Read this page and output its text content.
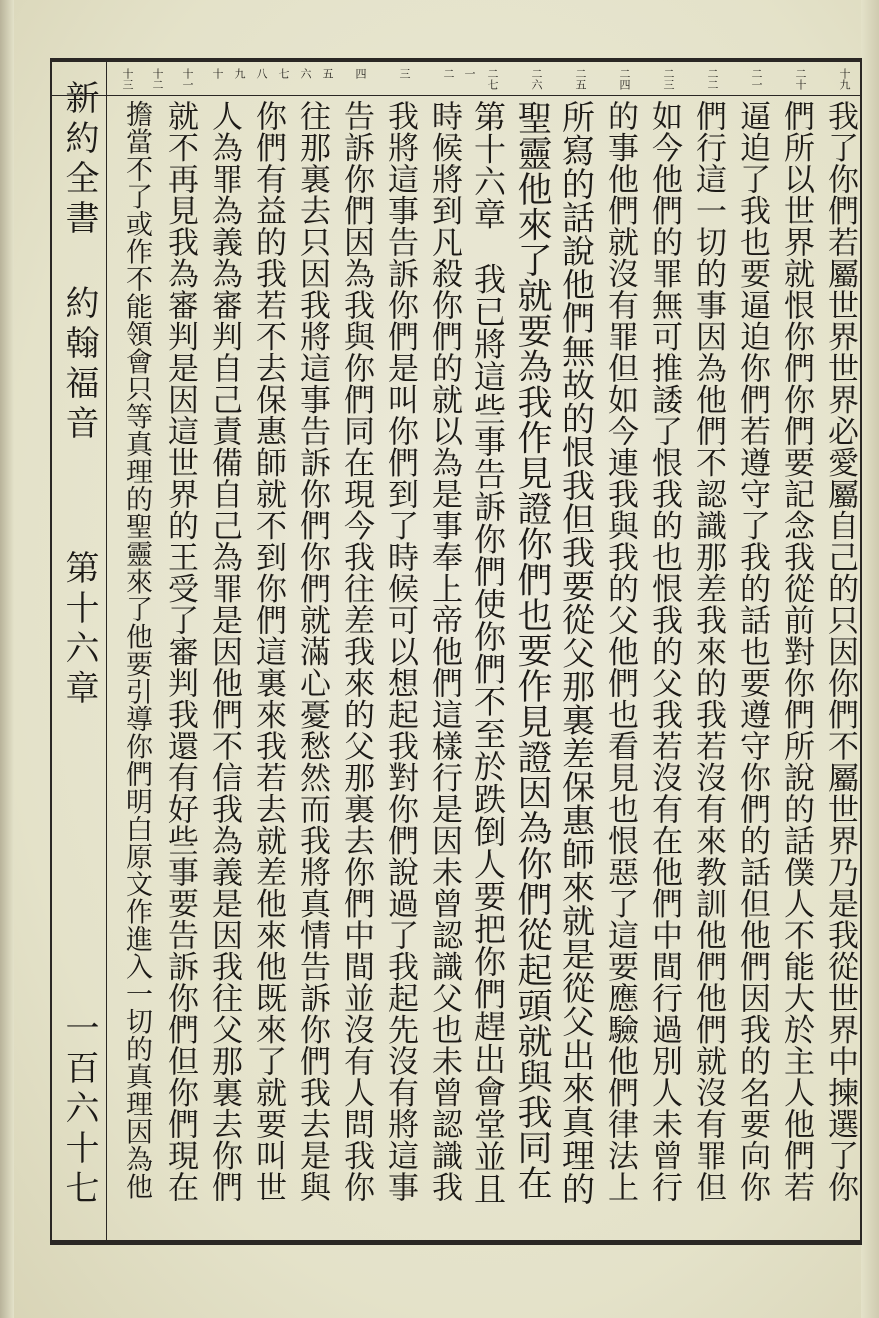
新約全書
約翰福音
第十六章
一百六十七
十九
二十
二一
二二
二三
二四
二五
二六
二七
一
二
三
四
五
六
七
八
九
十
十一
十二
十三
我了你們若屬世界世界必愛屬自己的只因你們不屬世界乃是我從世界中揀選了你
們所以世界就恨你們你們要記念我從前對你們所說的話僕人不能大於主人他們若
逼迫了我也要逼迫你們若遵守了我的話也要遵守你們的話但他們因我的名要向你
們行這一切的事因為他們不認識那差我來的我若沒有來教訓他們他們就沒有罪但
如今他們的罪無可推諉了恨我的也恨我的父我若沒有在他們中間行過別人未曾行
的事他們就沒有罪但如今連我與我的父他們也看見也恨惡了這要應驗他們律法上
所寫的話說他們無故的恨我但我要從父那裏差保惠師來就是從父出來真理的
聖靈他來了就要為我作見證你們也要作見證因為你們從起頭就與我同在
第十六章　我已將這些事告訴你們使你們不至於跌倒人要把你們趕出會堂並且
時候將到凡殺你們的就以為是事奉上帝他們這樣行是因未曾認識父也未曾認識我
我將這事告訴你們是叫你們到了時候可以想起我對你們說過了我起先沒有將這事
告訴你們因為我與你們同在現今我往差我來的父那裏去你們中間並沒有人問我你
往那裏去只因我將這事告訴你們你們就滿心憂愁然而我將真情告訴你們我去是與
你們有益的我若不去保惠師就不到你們這裏來我若去就差他來他既來了就要叫世
人為罪為義為審判自己責備自己為罪是因他們不信我為義是因我往父那裏去你們
就不再見我為審判是因這世界的王受了審判我還有好些事要告訴你們但你們現在
擔當不了或作不能領會只等真理的聖靈來了他要引導你們明白原文作進入一切的真理因為他
